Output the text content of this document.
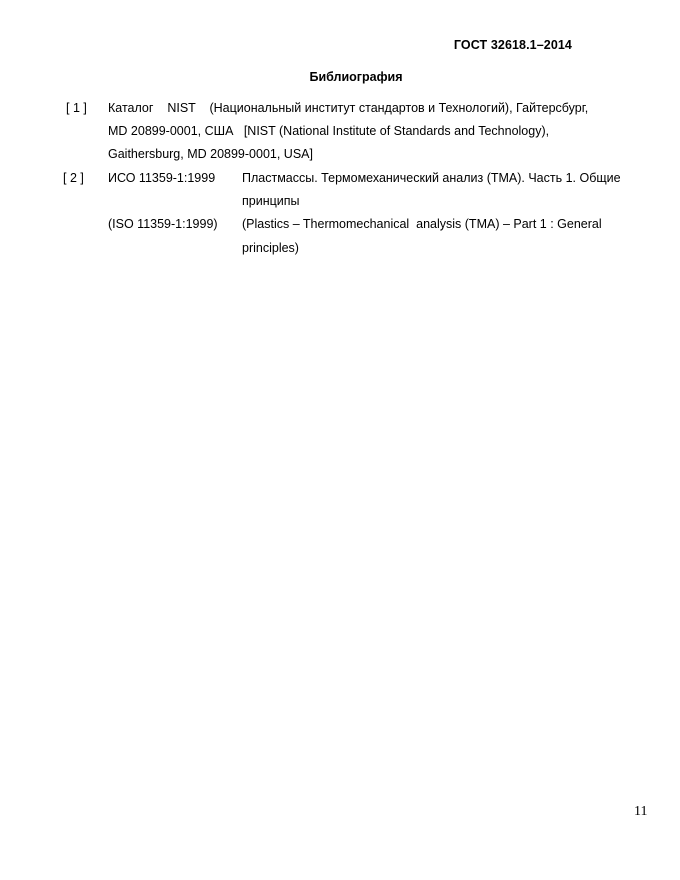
ГОСТ 32618.1–2014
Библиография
[ 1 ] Каталог    NIST    (Национальный институт стандартов и Технологий), Гайтерсбург,
MD 20899-0001, США   [NIST (National Institute of Standards and Technology),
Gaithersburg, MD 20899-0001, USA]
[ 2 ] ИСО 11359-1:1999 Пластмассы. Термомеханический анализ (ТМА). Часть 1. Общие
принципы
(ISO 11359-1:1999) (Plastics – Thermomechanical  analysis (TMA) – Part 1 : General
principles)
11
